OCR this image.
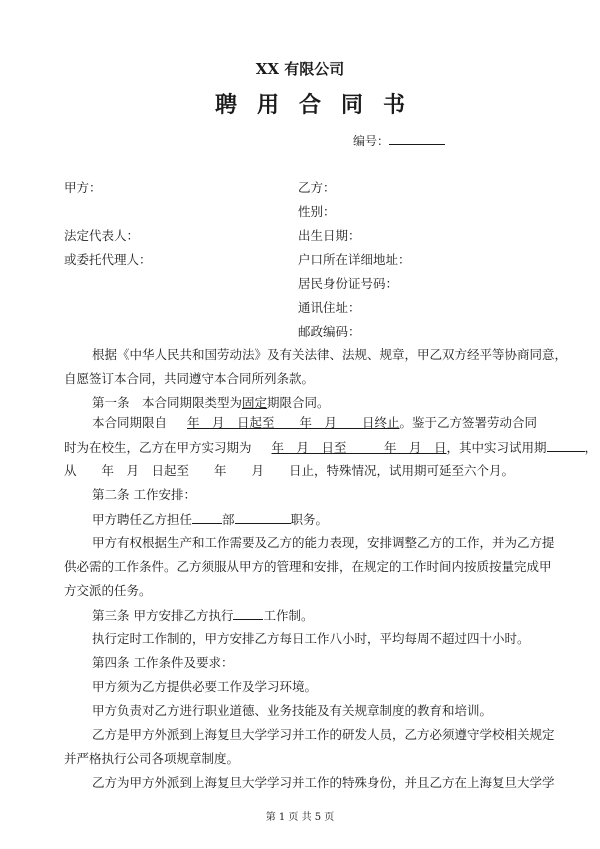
XX 有限公司
聘用合同书
编号：
甲方：
法定代表人：
或委托代理人：
乙方：
性别：
出生日期：
户口所在详细地址：
居民身份证号码：
通讯住址：
邮政编码：
根据《中华人民共和国劳动法》及有关法律、法规、规章，甲乙双方经平等协商同意，
自愿签订本合同，共同遵守本合同所列条款。
第一条　本合同期限类型为固定期限合同。
本合同期限自 年　月　日起至　　年　月　　日终止。鉴于乙方签署劳动合同
时为在校生，乙方在甲方实习期为 年　月　日至　　　年　月　日，其中实习试用期	，
从　　年　月　日起至　　年　　月　　日止，特殊情况，试用期可延至六个月。
第二条 工作安排：
甲方聘任乙方担任 部	职务。
甲方有权根据生产和工作需要及乙方的能力表现，安排调整乙方的工作，并为乙方提
供必需的工作条件。乙方须服从甲方的管理和安排，在规定的工作时间内按质按量完成甲
方交派的任务。
第三条 甲方安排乙方执行 工作制。
执行定时工作制的，甲方安排乙方每日工作八小时，平均每周不超过四十小时。
第四条 工作条件及要求：
甲方须为乙方提供必要工作及学习环境。
甲方负责对乙方进行职业道德、业务技能及有关规章制度的教育和培训。
乙方是甲方外派到上海复旦大学学习并工作的研发人员，乙方必须遵守学校相关规定
并严格执行公司各项规章制度。
乙方为甲方外派到上海复旦大学学习并工作的特殊身份，并且乙方在上海复旦大学学
第 1 页 共 5 页
